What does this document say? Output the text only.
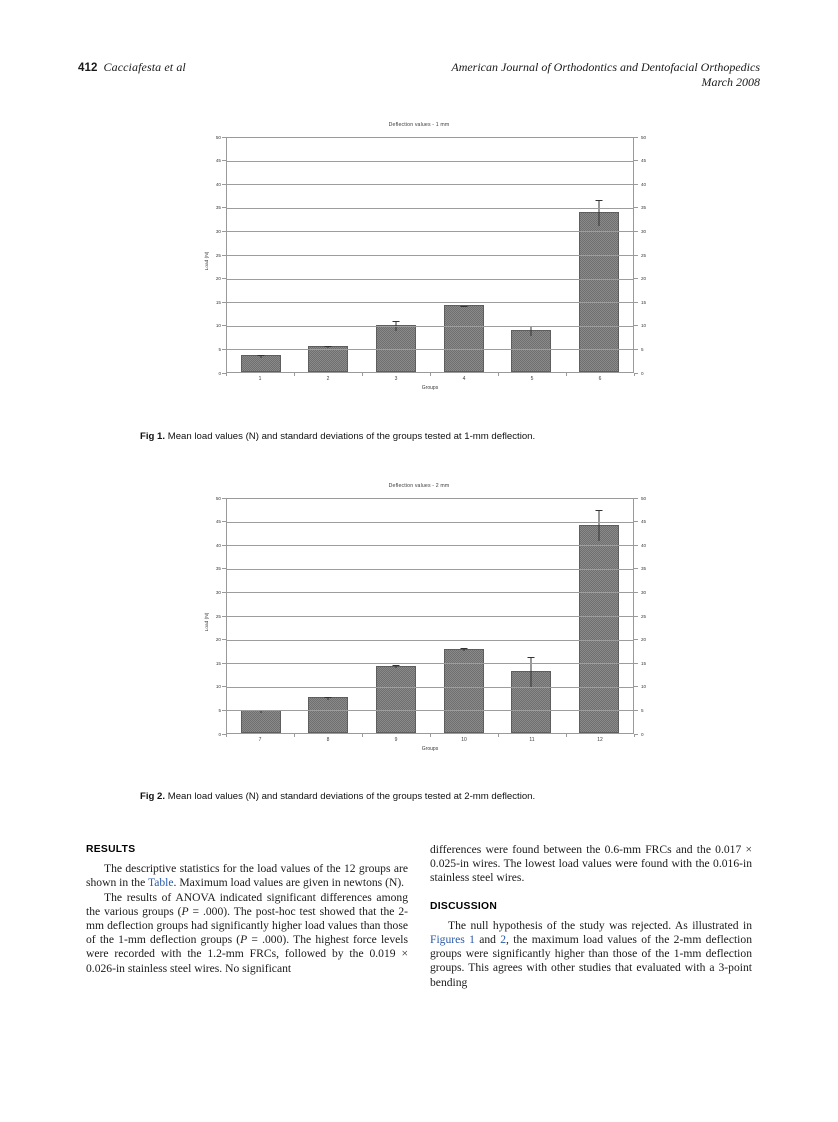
412 Cacciafesta et al	American Journal of Orthodontics and Dentofacial Orthopedics
March 2008
Deflection values - 1 mm
Load (N)
0	0
5	5
10	10
15	15
20	20
25	25
30	30
35	35
40	40
45	45
50	50
1	2	3	4	5	6
Groups
Fig 1. Mean load values (N) and standard deviations of the groups tested at 1-mm deflection.
Deflection values - 2 mm
Load (N)
0	0
5	5
10	10
15	15
20	20
25	25
30	30
35	35
40	40
45	45
50	50
7	8	9	10	11	12
Groups
Fig 2. Mean load values (N) and standard deviations of the groups tested at 2-mm deflection.
RESULTS

The descriptive statistics for the load values of the 12 groups are shown in the Table. Maximum load values are given in newtons (N).

The results of ANOVA indicated significant differences among the various groups (P = .000). The post-hoc test showed that the 2-mm deflection groups had significantly higher load values than those of the 1-mm deflection groups (P = .000). The highest force levels were recorded with the 1.2-mm FRCs, followed by the 0.019 × 0.026-in stainless steel wires. No significant

differences were found between the 0.6-mm FRCs and the 0.017 × 0.025-in wires. The lowest load values were found with the 0.016-in stainless steel wires.

DISCUSSION

The null hypothesis of the study was rejected. As illustrated in Figures 1 and 2, the maximum load values of the 2-mm deflection groups were significantly higher than those of the 1-mm deflection groups. This agrees with other studies that evaluated with a 3-point bending
